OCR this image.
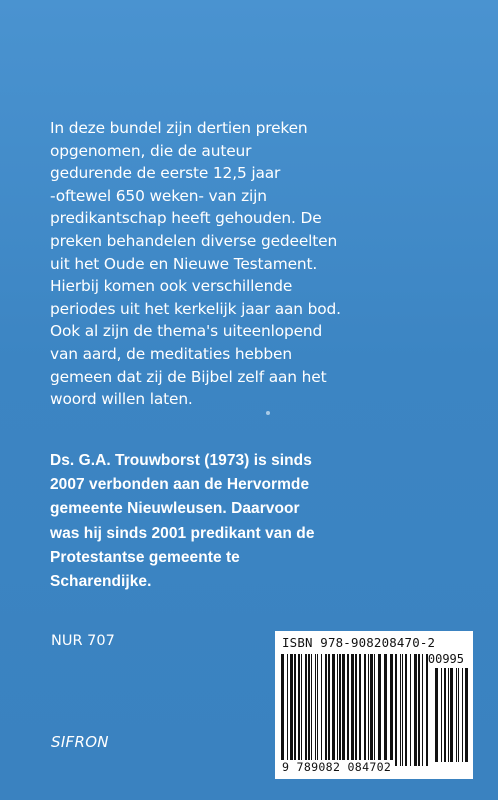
In deze bundel zijn dertien preken
opgenomen, die de auteur
gedurende de eerste 12,5 jaar
-oftewel 650 weken- van zijn
predikantschap heeft gehouden. De
preken behandelen diverse gedeelten
uit het Oude en Nieuwe Testament.
Hierbij komen ook verschillende
periodes uit het kerkelijk jaar aan bod.
Ook al zijn de thema's uiteenlopend
van aard, de meditaties hebben
gemeen dat zij de Bijbel zelf aan het
woord willen laten.
Ds. G.A. Trouwborst (1973) is sinds
2007 verbonden aan de Hervormde
gemeente Nieuwleusen. Daarvoor
was hij sinds 2001 predikant van de
Protestantse gemeente te
Scharendijke.
NUR 707
SIFRON
ISBN 978-908208470-2
00995
9 789082 084702
